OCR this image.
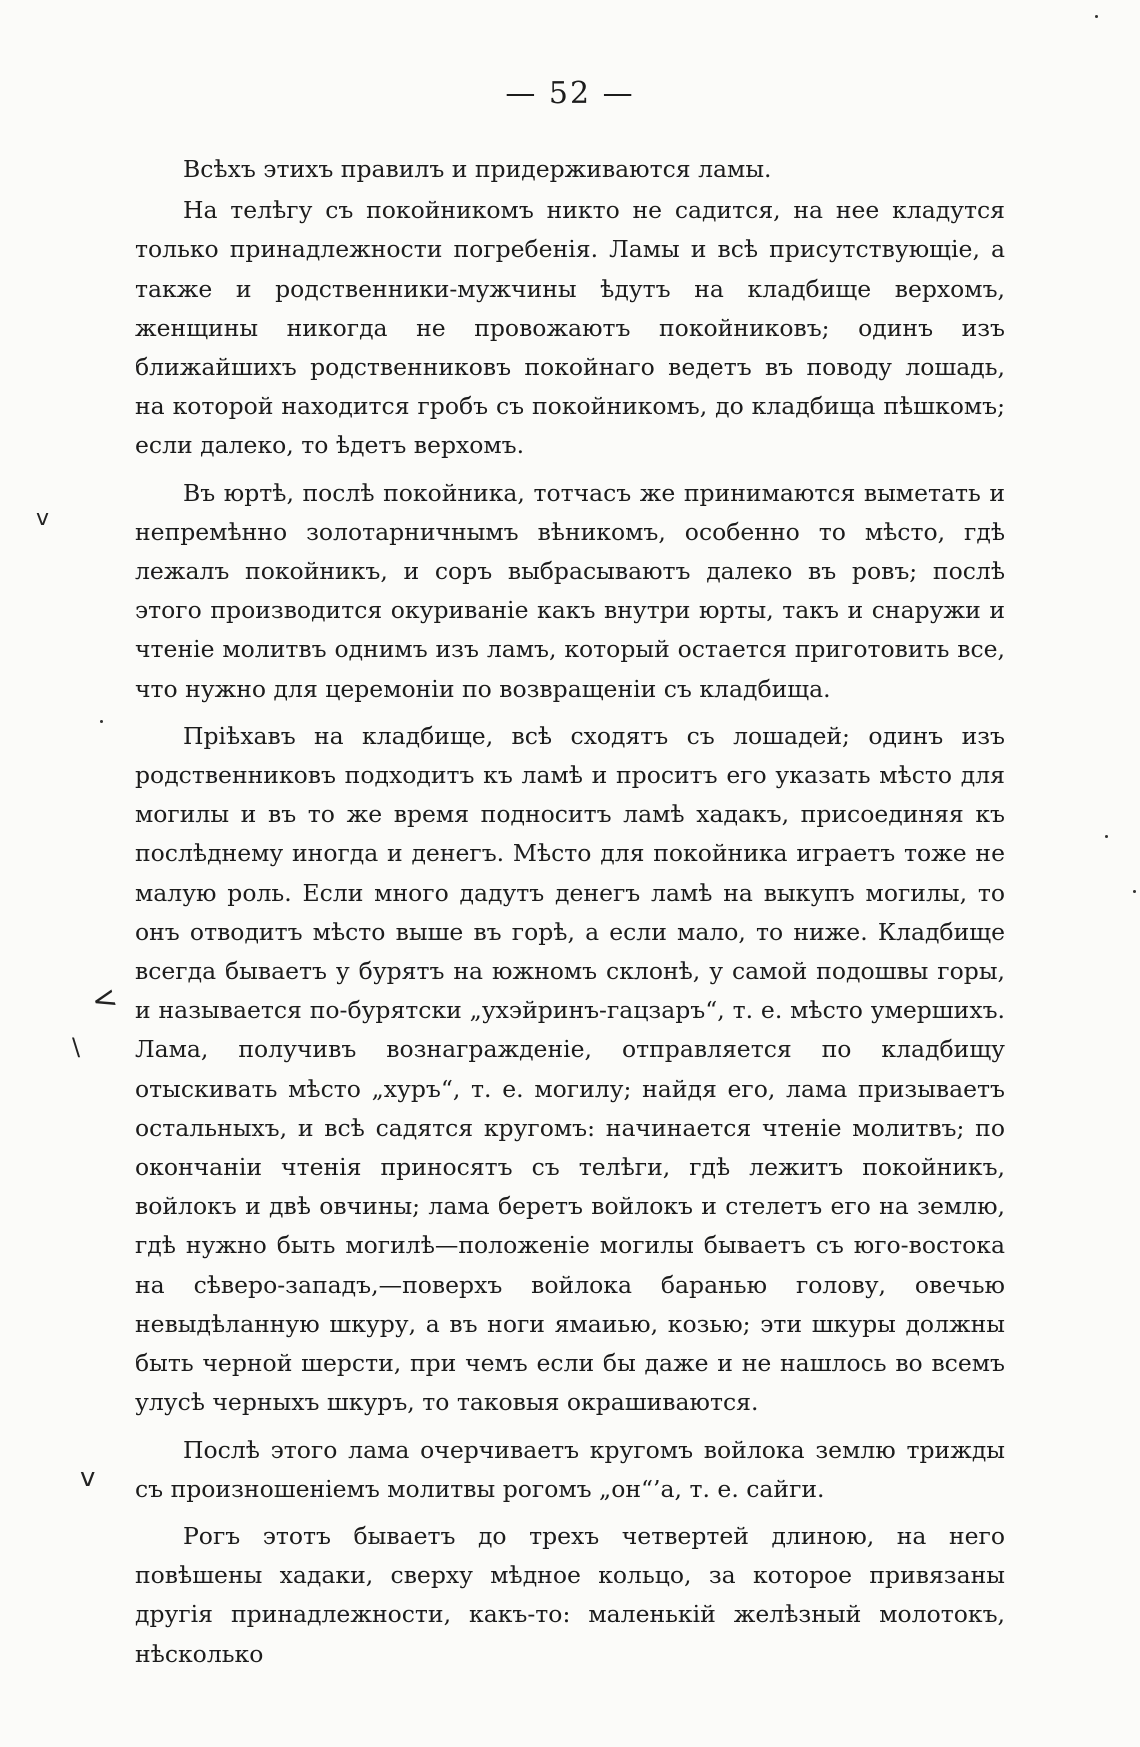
— 52 —
v
<
\
v

Всѣхъ этихъ правилъ и придерживаются ламы.

На телѣгу съ покойникомъ никто не садится, на нее кладутся только принадлежности погребенія. Ламы и всѣ присутствующіе, а также и родственники-мужчины ѣдутъ на кладбище верхомъ, женщины никогда не провожаютъ покойниковъ; одинъ изъ ближайшихъ родственниковъ покойнаго ведетъ въ поводу лошадь, на которой находится гробъ съ покойникомъ, до кладбища пѣшкомъ; если далеко, то ѣдетъ верхомъ.

Въ юртѣ, послѣ покойника, тотчасъ же принимаются выметать и непремѣнно золотарничнымъ вѣникомъ, особенно то мѣсто, гдѣ лежалъ покойникъ, и соръ выбрасываютъ далеко въ ровъ; послѣ этого производится окуриваніе какъ внутри юрты, такъ и снаружи и чтеніе молитвъ однимъ изъ ламъ, который остается приготовить все, что нужно для церемоніи по возвращеніи съ кладбища.

Пріѣхавъ на кладбище, всѣ сходятъ съ лошадей; одинъ изъ родственниковъ подходитъ къ ламѣ и проситъ его указать мѣсто для могилы и въ то же время подноситъ ламѣ хадакъ, присоединяя къ послѣднему иногда и денегъ. Мѣсто для покойника играетъ тоже не малую роль. Если много дадутъ денегъ ламѣ на выкупъ могилы, то онъ отводитъ мѣсто выше въ горѣ, а если мало, то ниже. Кладбище всегда бываетъ у бурятъ на южномъ склонѣ, у самой подошвы горы, и называется по-бурятски „ухэйринъ-гацзаръ“, т. е. мѣсто умершихъ. Лама, получивъ вознагражденіе, отправляется по кладбищу отыскивать мѣсто „хуръ“, т. е. могилу; найдя его, лама призываетъ остальныхъ, и всѣ садятся кругомъ: начинается чтеніе молитвъ; по окончаніи чтенія приносятъ съ телѣги, гдѣ лежитъ покойникъ, войлокъ и двѣ овчины; лама беретъ войлокъ и стелетъ его на землю, гдѣ нужно быть могилѣ—положеніе могилы бываетъ съ юго-востока на сѣверо-западъ,—поверхъ войлока баранью голову, овечью невыдѣланную шкуру, а въ ноги ямаиью, козью; эти шкуры должны быть черной шерсти, при чемъ если бы даже и не нашлось во всемъ улусѣ черныхъ шкуръ, то таковыя окрашиваются.

Послѣ этого лама очерчиваетъ кругомъ войлока землю трижды съ произношеніемъ молитвы рогомъ „он“’а, т. е. сайги.

Рогъ этотъ бываетъ до трехъ четвертей длиною, на него повѣшены хадаки, сверху мѣдное кольцо, за которое привязаны другія принадлежности, какъ-то: маленькій желѣзный молотокъ, нѣсколько
